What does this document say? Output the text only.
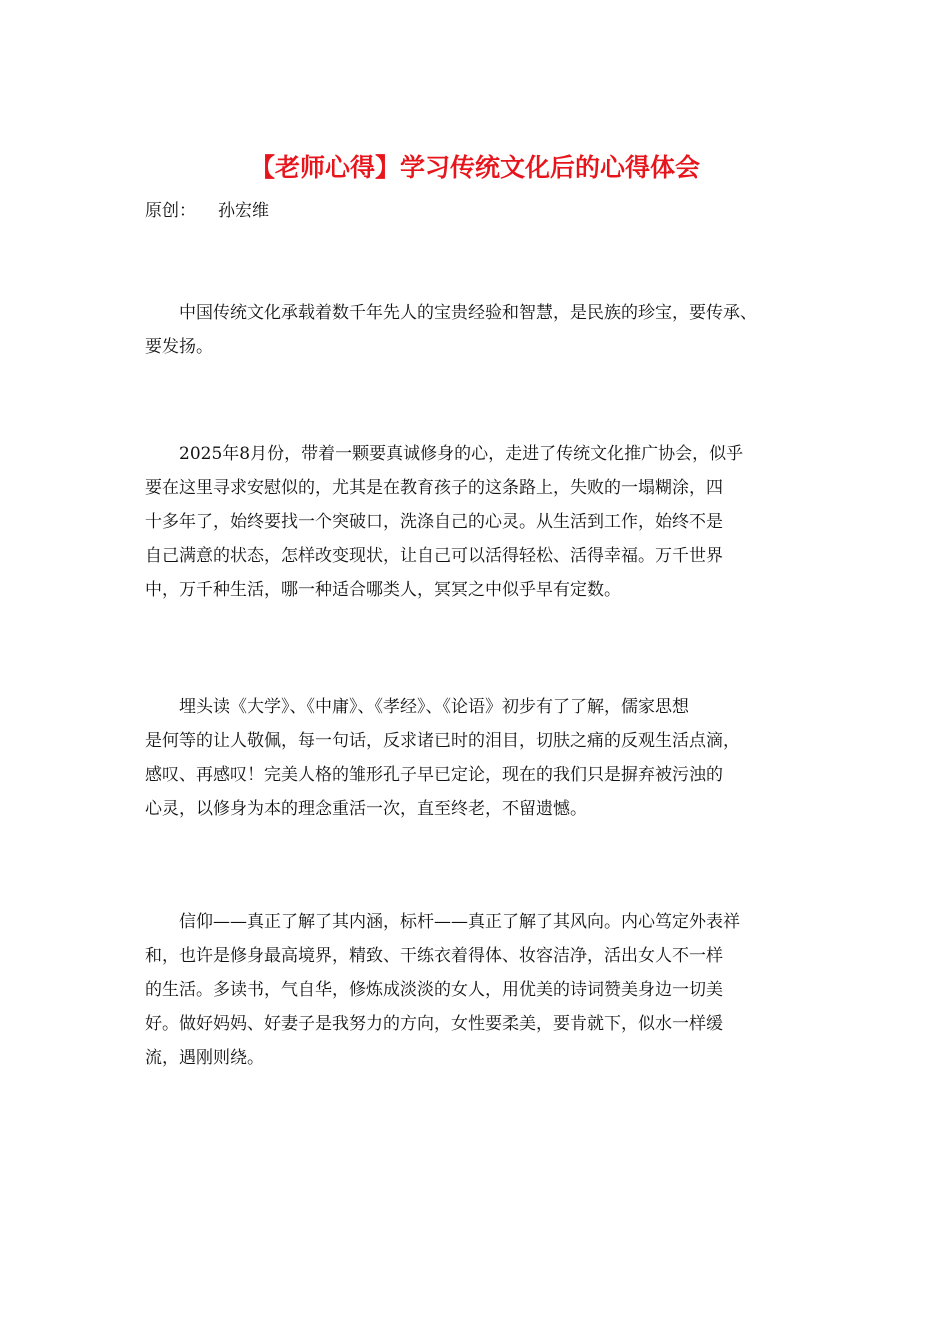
【老师心得】学习传统文化后的心得体会

原创： 孙宏维

　　中国传统文化承载着数千年先人的宝贵经验和智慧，是民族的珍宝，要传承、
要发扬。

　　2025年8月份，带着一颗要真诚修身的心，走进了传统文化推广协会，似乎
要在这里寻求安慰似的，尤其是在教育孩子的这条路上，失败的一塌糊涂，四
十多年了，始终要找一个突破口，洗涤自己的心灵。从生活到工作，始终不是
自己满意的状态，怎样改变现状，让自己可以活得轻松、活得幸福。万千世界
中，万千种生活，哪一种适合哪类人，冥冥之中似乎早有定数。

　　埋头读《大学》、《中庸》、《孝经》、《论语》初步有了了解，儒家思想
是何等的让人敬佩，每一句话，反求诸已时的泪目，切肤之痛的反观生活点滴，
感叹、再感叹！完美人格的雏形孔子早已定论，现在的我们只是摒弃被污浊的
心灵，以修身为本的理念重活一次，直至终老，不留遗憾。

　　信仰——真正了解了其内涵，标杆——真正了解了其风向。内心笃定外表祥
和，也许是修身最高境界，精致、干练衣着得体、妆容洁净，活出女人不一样
的生活。多读书，气自华，修炼成淡淡的女人，用优美的诗词赞美身边一切美
好。做好妈妈、好妻子是我努力的方向，女性要柔美，要肯就下，似水一样缓
流，遇刚则绕。
